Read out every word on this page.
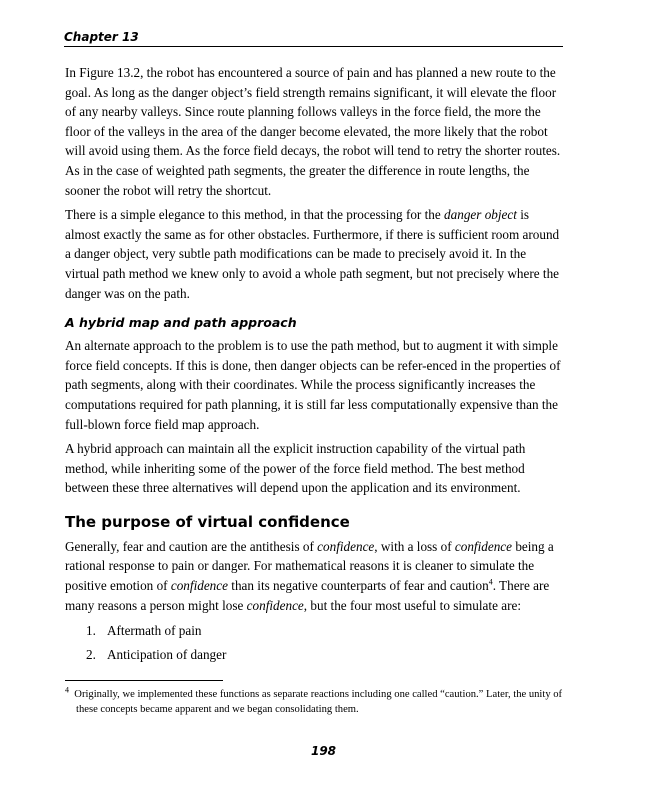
Chapter 13

In Figure 13.2, the robot has encountered a source of pain and has planned a new route to the goal. As long as the danger object’s field strength remains significant, it will elevate the floor of any nearby valleys. Since route planning follows valleys in the force field, the more the floor of the valleys in the area of the danger become elevated, the more likely that the robot will avoid using them. As the force field decays, the robot will tend to retry the shorter routes. As in the case of weighted path segments, the greater the difference in route lengths, the sooner the robot will retry the shortcut.

There is a simple elegance to this method, in that the processing for the danger object is almost exactly the same as for other obstacles. Furthermore, if there is sufficient room around a danger object, very subtle path modifications can be made to precisely avoid it. In the virtual path method we knew only to avoid a whole path segment, but not precisely where the danger was on the path.

A hybrid map and path approach

An alternate approach to the problem is to use the path method, but to augment it with simple force field concepts. If this is done, then danger objects can be refer-enced in the properties of path segments, along with their coordinates. While the process significantly increases the computations required for path planning, it is still far less computationally expensive than the full-blown force field map approach.

A hybrid approach can maintain all the explicit instruction capability of the virtual path method, while inheriting some of the power of the force field method. The best method between these three alternatives will depend upon the application and its environment.

The purpose of virtual confidence

Generally, fear and caution are the antithesis of confidence, with a loss of confidence being a rational response to pain or danger. For mathematical reasons it is cleaner to simulate the positive emotion of confidence than its negative counterparts of fear and caution$^4$. There are many reasons a person might lose confidence, but the four most useful to simulate are:

1. Aftermath of pain
2. Anticipation of danger
$^4$ Originally, we implemented these functions as separate reactions including one called “caution.” Later, the unity of these concepts became apparent and we began consolidating them.
198
